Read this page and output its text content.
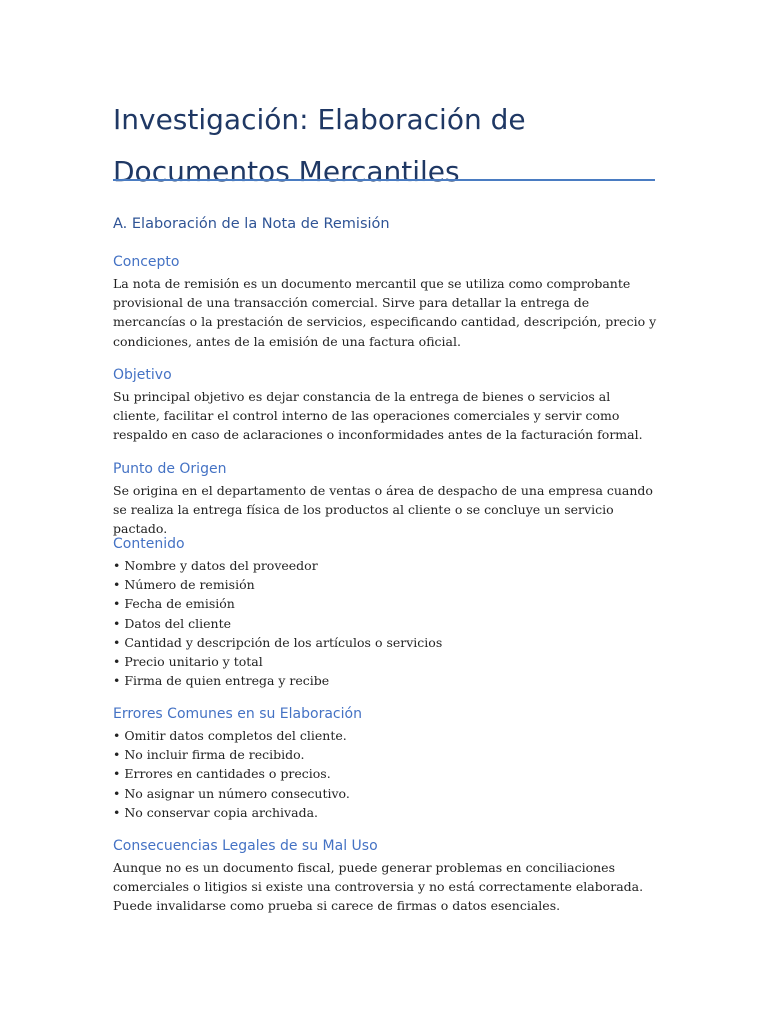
Investigación: Elaboración de
Documentos Mercantiles
A. Elaboración de la Nota de Remisión
Concepto

La nota de remisión es un documento mercantil que se utiliza como comprobante provisional de una transacción comercial. Sirve para detallar la entrega de mercancías o la prestación de servicios, especificando cantidad, descripción, precio y condiciones, antes de la emisión de una factura oficial.

Objetivo

Su principal objetivo es dejar constancia de la entrega de bienes o servicios al cliente, facilitar el control interno de las operaciones comerciales y servir como respaldo en caso de aclaraciones o inconformidades antes de la facturación formal.

Punto de Origen

Se origina en el departamento de ventas o área de despacho de una empresa cuando se realiza la entrega física de los productos al cliente o se concluye un servicio pactado.

Contenido
• Nombre y datos del proveedor
• Número de remisión
• Fecha de emisión
• Datos del cliente
• Cantidad y descripción de los artículos o servicios
• Precio unitario y total
• Firma de quien entrega y recibe
Errores Comunes en su Elaboración
• Omitir datos completos del cliente.
• No incluir firma de recibido.
• Errores en cantidades o precios.
• No asignar un número consecutivo.
• No conservar copia archivada.
Consecuencias Legales de su Mal Uso

Aunque no es un documento fiscal, puede generar problemas en conciliaciones comerciales o litigios si existe una controversia y no está correctamente elaborada. Puede invalidarse como prueba si carece de firmas o datos esenciales.
